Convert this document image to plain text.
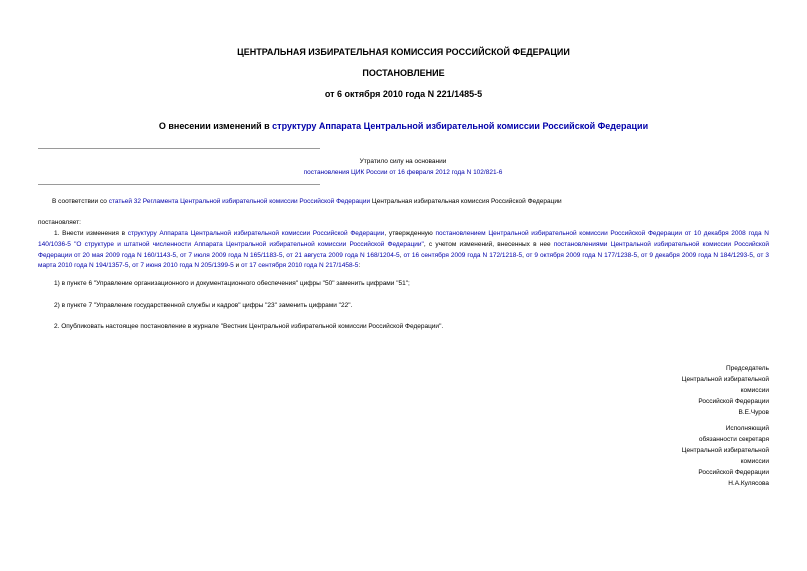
ЦЕНТРАЛЬНАЯ ИЗБИРАТЕЛЬНАЯ КОМИССИЯ РОССИЙСКОЙ ФЕДЕРАЦИИ
ПОСТАНОВЛЕНИЕ
от 6 октября 2010 года N 221/1485-5
О внесении изменений в структуру Аппарата Центральной избирательной комиссии Российской Федерации
Утратило силу на основании
постановления ЦИК России от 16 февраля 2012 года N 102/821-6
В соответствии со статьей 32 Регламента Центральной избирательной комиссии Российской Федерации Центральная избирательная комиссия Российской Федерации
постановляет:
1. Внести изменения в структуру Аппарата Центральной избирательной комиссии Российской Федерации, утвержденную постановлением Центральной избирательной комиссии Российской Федерации от 10 декабря 2008 года N 140/1036-5 "О структуре и штатной численности Аппарата Центральной избирательной комиссии Российской Федерации", с учетом изменений, внесенных в нее постановлениями Центральной избирательной комиссии Российской Федерации от 20 мая 2009 года N 160/1143-5, от 7 июля 2009 года N 165/1183-5, от 21 августа 2009 года N 168/1204-5, от 16 сентября 2009 года N 172/1218-5, от 9 октября 2009 года N 177/1238-5, от 9 декабря 2009 года N 184/1293-5, от 3 марта 2010 года N 194/1357-5, от 7 июня 2010 года N 205/1399-5 и от 17 сентября 2010 года N 217/1458-5:
1) в пункте 6 "Управление организационного и документационного обеспечения" цифры "50" заменить цифрами "51";
2) в пункте 7 "Управление государственной службы и кадров" цифры "23" заменить цифрами "22".
2. Опубликовать настоящее постановление в журнале "Вестник Центральной избирательной комиссии Российской Федерации".
Председатель
Центральной избирательной
комиссии
Российской Федерации
В.Е.Чуров
Исполняющий
обязанности секретаря
Центральной избирательной
комиссии
Российской Федерации
Н.А.Кулясова
